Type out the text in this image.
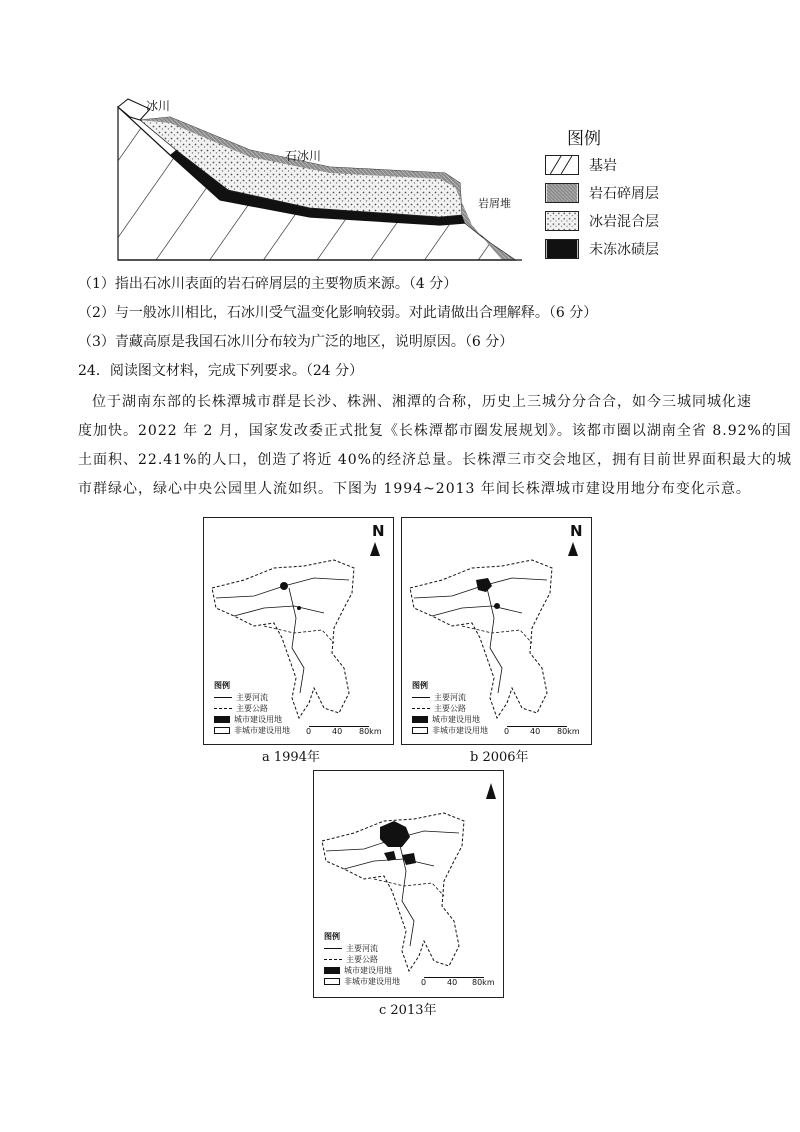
冰川
石冰川
岩屑堆
图例
基岩
岩石碎屑层
冰岩混合层
未冻冰碛层
（1）指出石冰川表面的岩石碎屑层的主要物质来源。（4 分）
（2）与一般冰川相比，石冰川受气温变化影响较弱。对此请做出合理解释。（6 分）
（3）青藏高原是我国石冰川分布较为广泛的地区，说明原因。（6 分）
24．阅读图文材料，完成下列要求。（24 分）
位于湖南东部的长株潭城市群是长沙、株洲、湘潭的合称，历史上三城分分合合，如今三城同城化速
度加快。2022 年 2 月，国家发改委正式批复《长株潭都市圈发展规划》。该都市圈以湖南全省 8.92%的国
土面积、22.41%的人口，创造了将近 40%的经济总量。长株潭三市交会地区，拥有目前世界面积最大的城
市群绿心，绿心中央公园里人流如织。下图为 1994~2013 年间长株潭城市建设用地分布变化示意。
N
图例
主要河流
主要公路
城市建设用地
非城市建设用地 0	40 80km
a 1994年
N
图例
主要河流
主要公路
城市建设用地
非城市建设用地 0	40 80km
b 2006年
图例
主要河流
主要公路
城市建设用地
非城市建设用地	0	40 80km
c 2013年
